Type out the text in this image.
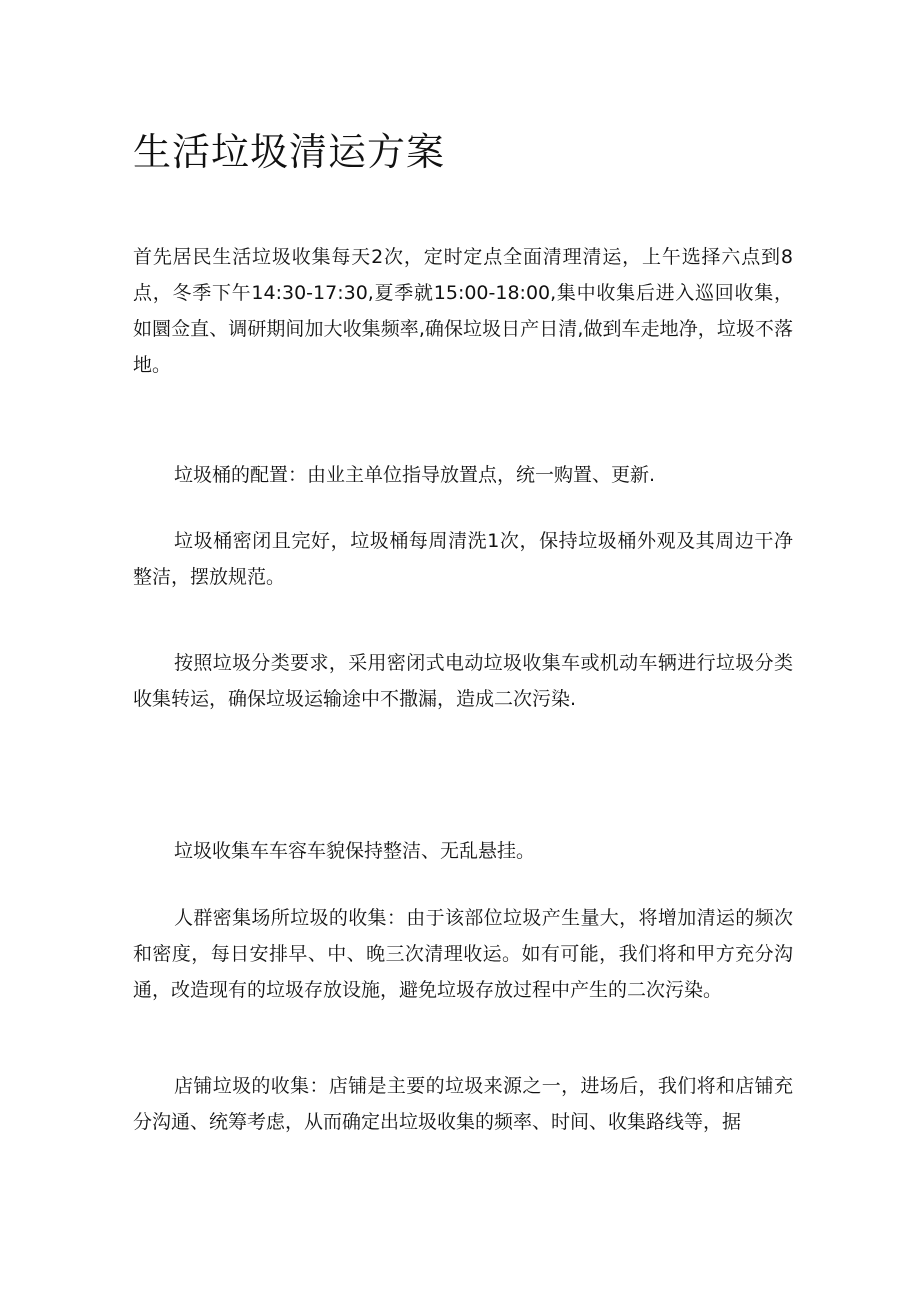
生活垃圾清运方案

首先居民生活垃圾收集每天2次，定时定点全面清理清运，上午选择六点到8点，冬季下午14:30-17:30,夏季就15:00-18:00,集中收集后进入巡回收集，如圜佥直、调研期间加大收集频率,确保垃圾日产日清,做到车走地净，垃圾不落地。

垃圾桶的配置：由业主单位指导放置点，统一购置、更新.

垃圾桶密闭且完好，垃圾桶每周清洗1次，保持垃圾桶外观及其周边干净整洁，摆放规范。

按照垃圾分类要求，采用密闭式电动垃圾收集车或机动车辆进行垃圾分类收集转运，确保垃圾运输途中不撒漏，造成二次污染.

垃圾收集车车容车貌保持整洁、无乱悬挂。

人群密集场所垃圾的收集：由于该部位垃圾产生量大，将增加清运的频次和密度，每日安排早、中、晚三次清理收运。如有可能，我们将和甲方充分沟通，改造现有的垃圾存放设施，避免垃圾存放过程中产生的二次污染。

店铺垃圾的收集：店铺是主要的垃圾来源之一，进场后，我们将和店铺充分沟通、统筹考虑，从而确定出垃圾收集的频率、时间、收集路线等，据
